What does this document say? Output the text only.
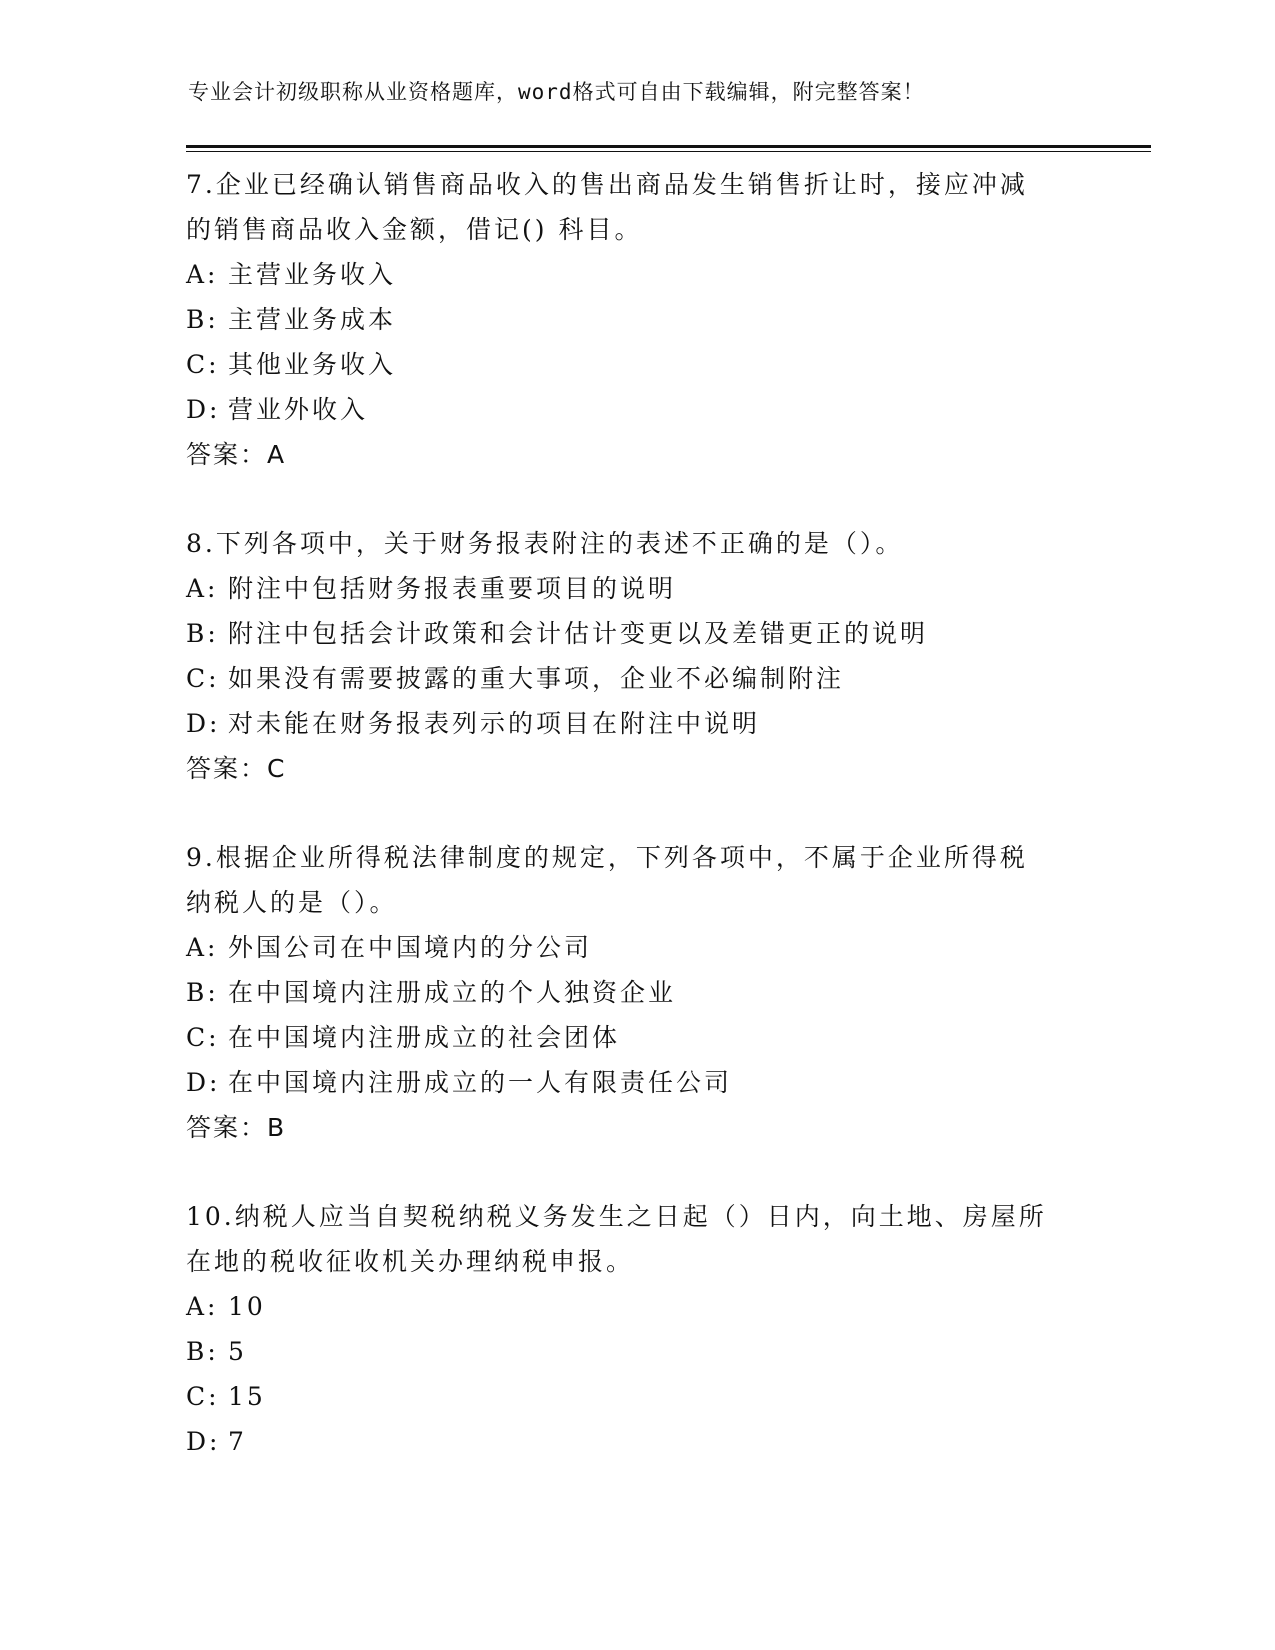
专业会计初级职称从业资格题库，word格式可自由下载编辑，附完整答案！

7.企业已经确认销售商品收入的售出商品发生销售折让时，接应冲减
的销售商品收入金额，借记() 科目。

A: 主营业务收入
B: 主营业务成本
C: 其他业务收入
D: 营业外收入
答案：A

8.下列各项中，关于财务报表附注的表述不正确的是（）。

A: 附注中包括财务报表重要项目的说明
B: 附注中包括会计政策和会计估计变更以及差错更正的说明
C: 如果没有需要披露的重大事项，企业不必编制附注
D: 对未能在财务报表列示的项目在附注中说明
答案：C

9.根据企业所得税法律制度的规定，下列各项中，不属于企业所得税
纳税人的是（）。

A: 外国公司在中国境内的分公司
B: 在中国境内注册成立的个人独资企业
C: 在中国境内注册成立的社会团体
D: 在中国境内注册成立的一人有限责任公司
答案：B

10.纳税人应当自契税纳税义务发生之日起（）日内，向土地、房屋所
在地的税收征收机关办理纳税申报。

A: 10
B: 5
C: 15
D: 7
